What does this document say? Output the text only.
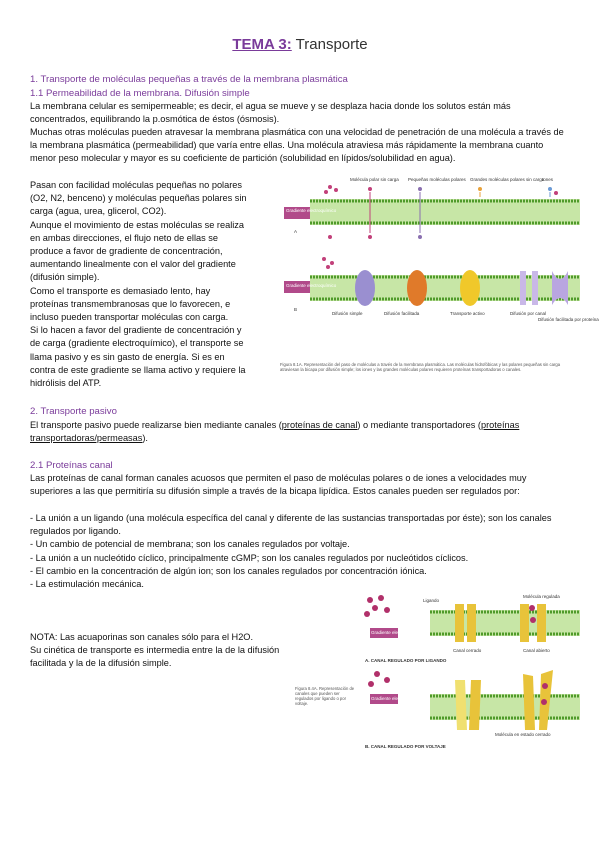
TEMA 3: Transporte
1. Transporte de moléculas pequeñas a través de la membrana plasmática
1.1 Permeabilidad de la membrana. Difusión simple
La membrana celular es semipermeable; es decir, el agua se mueve y se desplaza hacia donde los solutos están más concentrados, equilibrando la p.osmótica de éstos (ósmosis).
Muchas otras moléculas pueden atravesar la membrana plasmática con una velocidad de penetración de una molécula a través de la membrana plasmática (permeabilidad) que varía entre ellas. Una molécula atraviesa más rápidamente la membrana cuanto menor peso molecular y mayor es su coeficiente de partición (solubilidad en lípidos/solubilidad en agua).
Pasan con facilidad moléculas pequeñas no polares
(O2, N2, benceno) y moléculas pequeñas polares sin
carga (agua, urea, glicerol, CO2).
Aunque el movimiento de estas moléculas se realiza
en ambas direcciones, el flujo neto de ellas se
produce a favor de gradiente de concentración,
aumentando linealmente con el valor del gradiente
(difusión simple).
Como el transporte es demasiado lento, hay
proteínas transmembranosas que lo favorecen, e
incluso pueden transportar moléculas con carga.
Si lo hacen a favor del gradiente de concentración y
de carga (gradiente electroquímico), el transporte se
llama pasivo y es sin gasto de energía. Si es en
contra de este gradiente se llama activo y requiere la
hidrólisis del ATP.
Molécula polar sin carga Pequeñas moléculas polares Grandes moléculas polares sin carga
Iones
Gradiente electroquímico
A
Gradiente electroquímico
B
Difusión simple	Difusión facilitada	Transporte activo	Difusión por canal
Difusión facilitada por proteína
Figura 8.1A. Representación del paso de moléculas a través de la membrana plasmática. Las moléculas hidrofóbicas y las polares pequeñas sin carga atraviesan la bicapa por difusión simple; los iones y las grandes moléculas polares requieren proteínas transportadoras o canales.
2. Transporte pasivo
El transporte pasivo puede realizarse bien mediante canales (proteínas de canal) o mediante transportadores (proteínas transportadoras/permeasas).
2.1 Proteínas canal
Las proteínas de canal forman canales acuosos que permiten el paso de moléculas polares o de iones a velocidades muy superiores a las que permitiría su difusión simple a través de la bicapa lipídica. Estos canales pueden ser regulados por:
- La unión a un ligando (una molécula específica del canal y diferente de las sustancias transportadas por éste); son los canales regulados por ligando.
- Un cambio de potencial de membrana; son los canales regulados por voltaje.
- La unión a un nucleótido cíclico, principalmente cGMP; son los canales regulados por nucleótidos cíclicos.
- El cambio en la concentración de algún ion; son los canales regulados por concentración iónica.
- La estimulación mecánica.
NOTA: Las acuaporinas son canales sólo para el H2O.
Su cinética de transporte es intermedia entre la de la difusión facilitada y la de la difusión simple.
Gradiente electroquímico
Ligando
Molécula regulada
Canal cerrado	Canal abierto
A. CANAL REGULADO POR LIGANDO
Gradiente electroquímico
Molécula en estado cerrado
B. CANAL REGULADO POR VOLTAJE
Figura 8.4A. Representación de canales que pueden ser regulados por ligando o por voltaje.
